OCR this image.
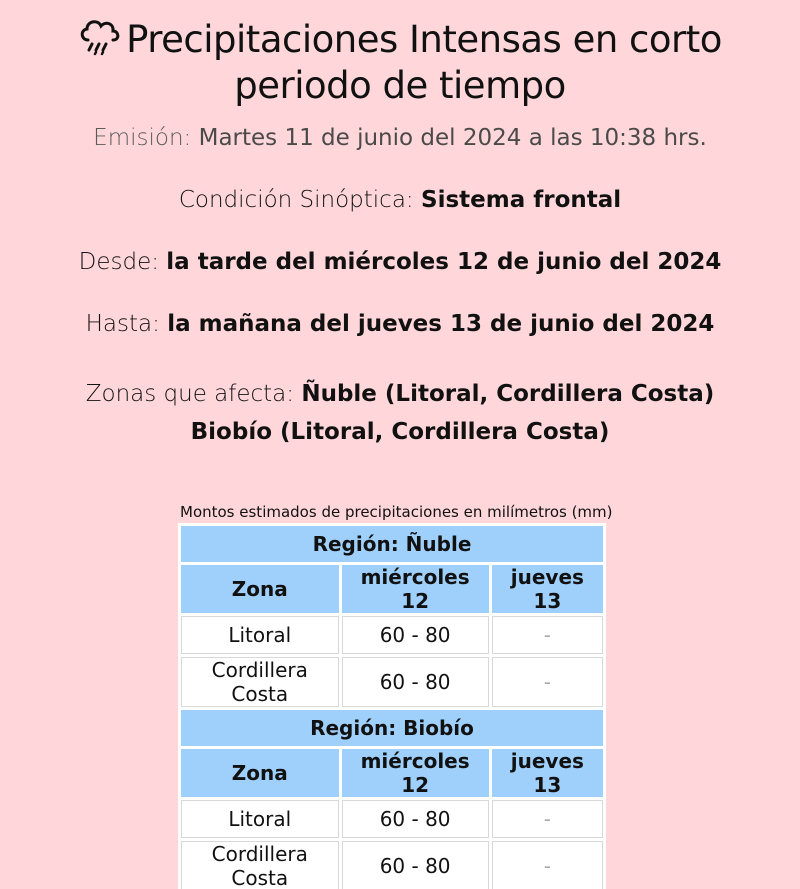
Precipitaciones Intensas en corto periodo de tiempo
Emisión: Martes 11 de junio del 2024 a las 10:38 hrs.
Condición Sinóptica: Sistema frontal
Desde: la tarde del miércoles 12 de junio del 2024
Hasta: la mañana del jueves 13 de junio del 2024
Zonas que afecta: Ñuble (Litoral, Cordillera Costa)
Biobío (Litoral, Cordillera Costa)
Montos estimados de precipitaciones en milímetros (mm)
Región: Ñuble		
Zona	miércoles 12	jueves 13
Litoral	60 - 80	-
Cordillera Costa	60 - 80	-
Región: Biobío		
Zona	miércoles 12	jueves 13
Litoral	60 - 80	-
Cordillera Costa	60 - 80	-
